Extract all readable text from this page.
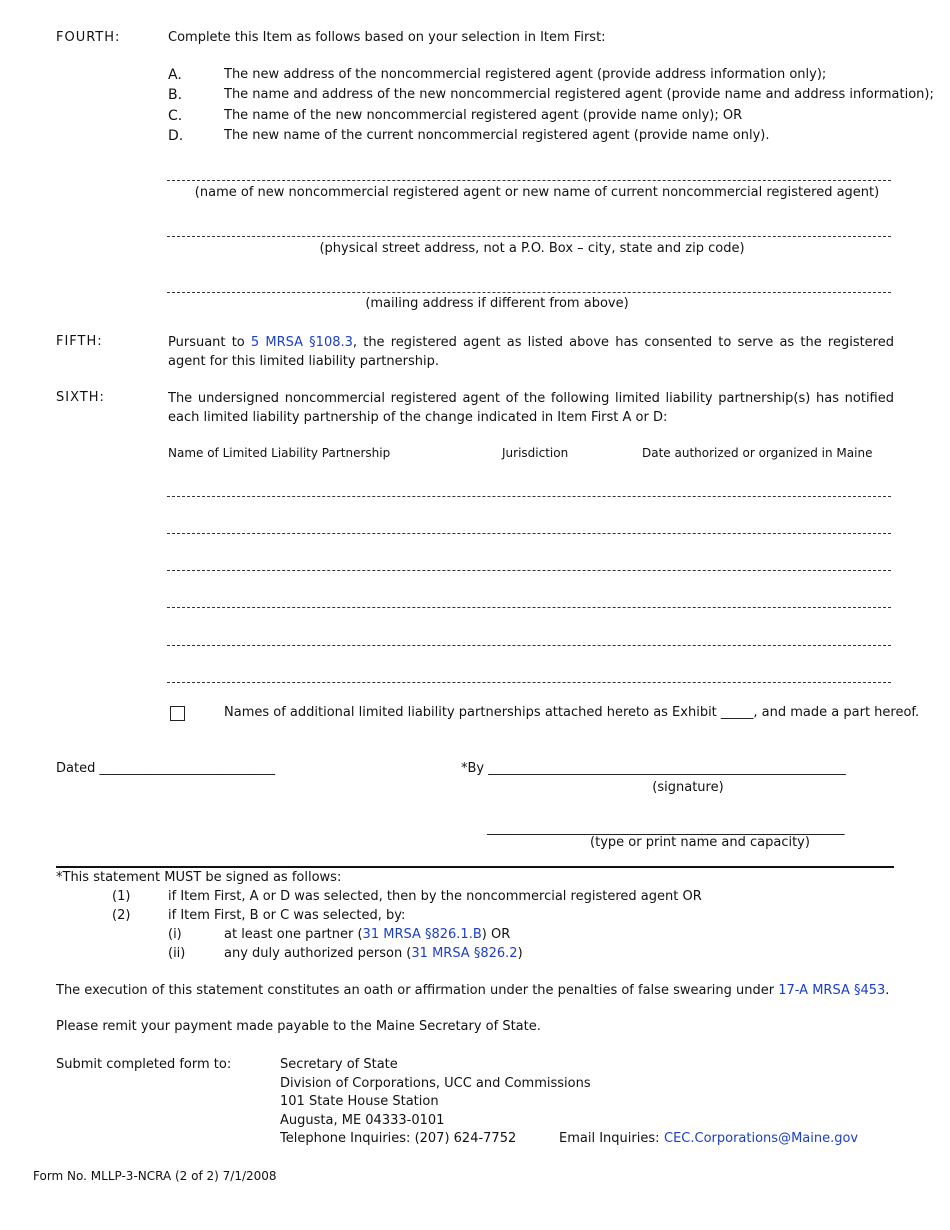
FOURTH:	Complete this Item as follows based on your selection in Item First:
A.	The new address of the noncommercial registered agent (provide address information only);
B.	The name and address of the new noncommercial registered agent (provide name and address information);
C.	The name of the new noncommercial registered agent (provide name only); OR
D.	The new name of the current noncommercial registered agent (provide name only).
(name of new noncommercial registered agent or new name of current noncommercial registered agent)
(physical street address, not a P.O. Box – city, state and zip code)
(mailing address if different from above)
FIFTH:	Pursuant to 5 MRSA §108.3, the registered agent as listed above has consented to serve as the registered agent for this limited liability partnership.
SIXTH:	The undersigned noncommercial registered agent of the following limited liability partnership(s) has notified each limited liability partnership of the change indicated in Item First A or D:
Name of Limited Liability Partnership	Jurisdiction	Date authorized or organized in Maine
Names of additional limited liability partnerships attached hereto as Exhibit _____, and made a part hereof.
Dated ___________________________	*By _______________________________________________________
(signature)
_______________________________________________________
(type or print name and capacity)
*This statement MUST be signed as follows:
(1)	if Item First, A or D was selected, then by the noncommercial registered agent OR
(2)	if Item First, B or C was selected, by:
(i)	at least one partner (31 MRSA §826.1.B) OR
(ii)	any duly authorized person (31 MRSA §826.2)
The execution of this statement constitutes an oath or affirmation under the penalties of false swearing under 17-A MRSA §453.
Please remit your payment made payable to the Maine Secretary of State.
Submit completed form to:	Secretary of State
Division of Corporations, UCC and Commissions
101 State House Station
Augusta, ME 04333-0101
Telephone Inquiries: (207) 624-7752	Email Inquiries: CEC.Corporations@Maine.gov
Form No. MLLP-3-NCRA (2 of 2) 7/1/2008
